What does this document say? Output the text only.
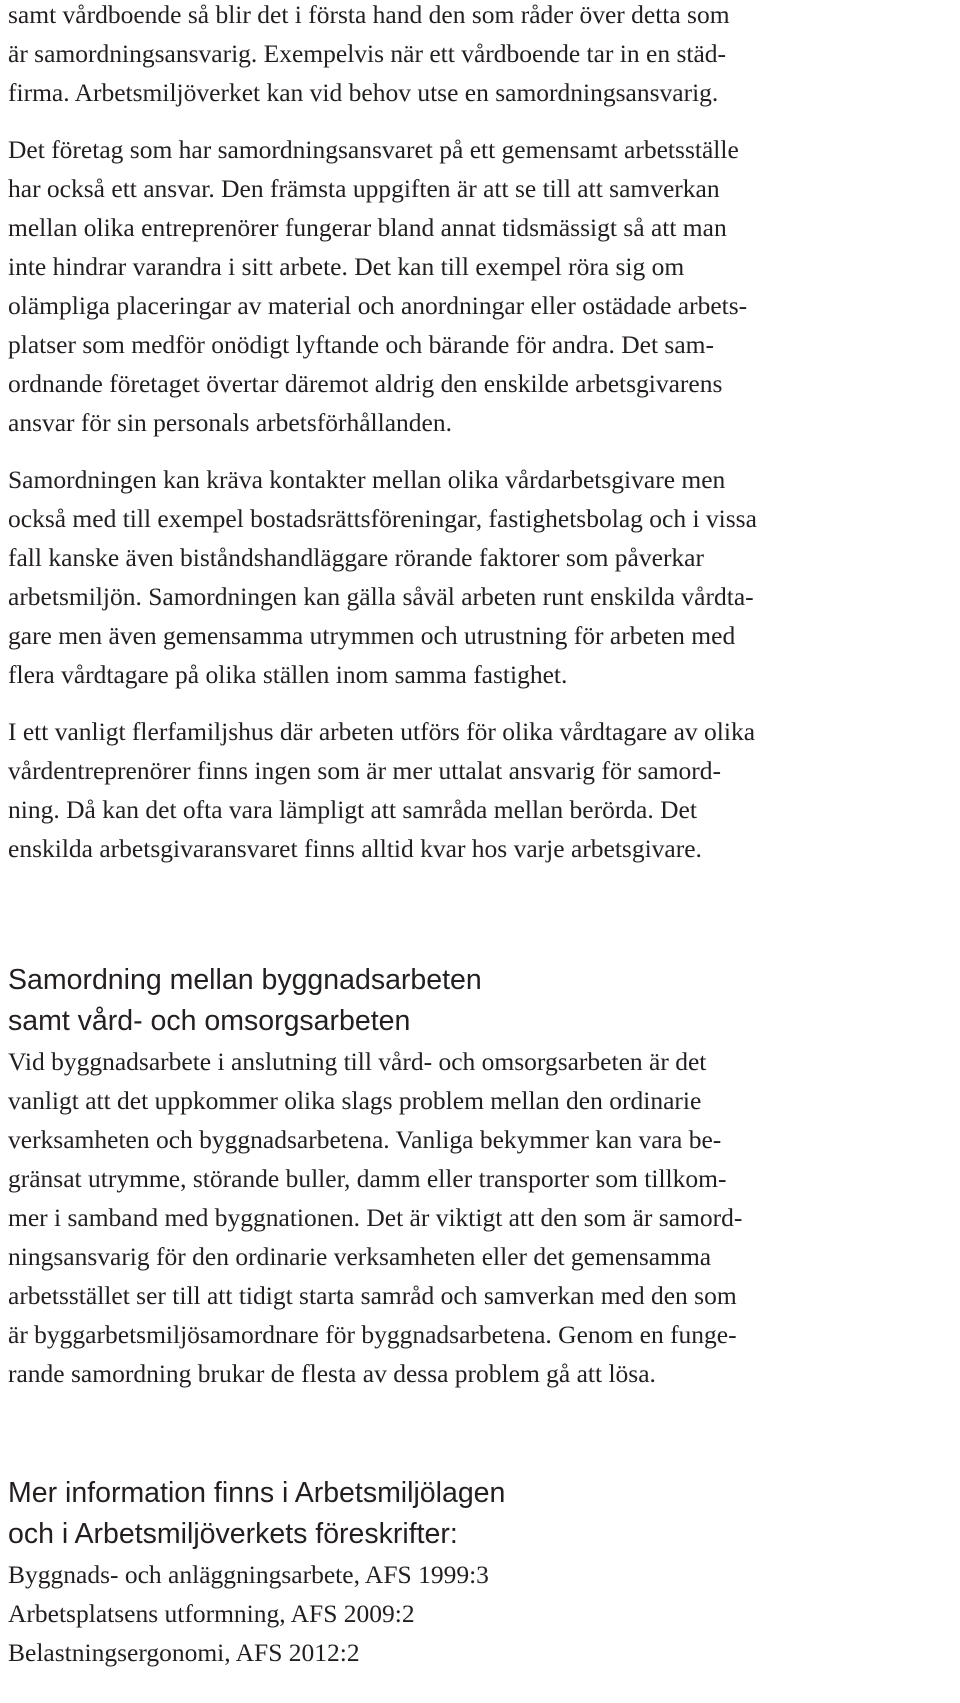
samt vårdboende så blir det i första hand den som råder över detta som
är samordningsansvarig. Exempelvis när ett vårdboende tar in en städ-
firma. Arbetsmiljöverket kan vid behov utse en samordningsansvarig.

Det företag som har samordningsansvaret på ett gemensamt arbetsställe
har också ett ansvar. Den främsta uppgiften är att se till att samverkan
mellan olika entreprenörer fungerar bland annat tidsmässigt så att man
inte hindrar varandra i sitt arbete. Det kan till exempel röra sig om
olämpliga placeringar av material och anordningar eller ostädade arbets-
platser som medför onödigt lyftande och bärande för andra. Det sam-
ordnande företaget övertar däremot aldrig den enskilde arbetsgivarens
ansvar för sin personals arbetsförhållanden.

Samordningen kan kräva kontakter mellan olika vårdarbetsgivare men
också med till exempel bostadsrättsföreningar, fastighetsbolag och i vissa
fall kanske även biståndshandläggare rörande faktorer som påverkar
arbetsmiljön. Samordningen kan gälla såväl arbeten runt enskilda vårdta-
gare men även gemensamma utrymmen och utrustning för arbeten med
flera vårdtagare på olika ställen inom samma fastighet.

I ett vanligt flerfamiljshus där arbeten utförs för olika vårdtagare av olika
vårdentreprenörer finns ingen som är mer uttalat ansvarig för samord-
ning. Då kan det ofta vara lämpligt att samråda mellan berörda. Det
enskilda arbetsgivaransvaret finns alltid kvar hos varje arbetsgivare.

Samordning mellan byggnadsarbeten
samt vård- och omsorgsarbeten

Vid byggnadsarbete i anslutning till vård- och omsorgsarbeten är det
vanligt att det uppkommer olika slags problem mellan den ordinarie
verksamheten och byggnadsarbetena. Vanliga bekymmer kan vara be-
gränsat utrymme, störande buller, damm eller transporter som tillkom-
mer i samband med byggnationen. Det är viktigt att den som är samord-
ningsansvarig för den ordinarie verksamheten eller det gemensamma
arbetsstället ser till att tidigt starta samråd och samverkan med den som
är byggarbetsmiljösamordnare för byggnadsarbetena. Genom en funge-
rande samordning brukar de flesta av dessa problem gå att lösa.

Mer information finns i Arbetsmiljölagen
och i Arbetsmiljöverkets föreskrifter:

Byggnads- och anläggningsarbete, AFS 1999:3
Arbetsplatsens utformning, AFS 2009:2
Belastningsergonomi, AFS 2012:2
